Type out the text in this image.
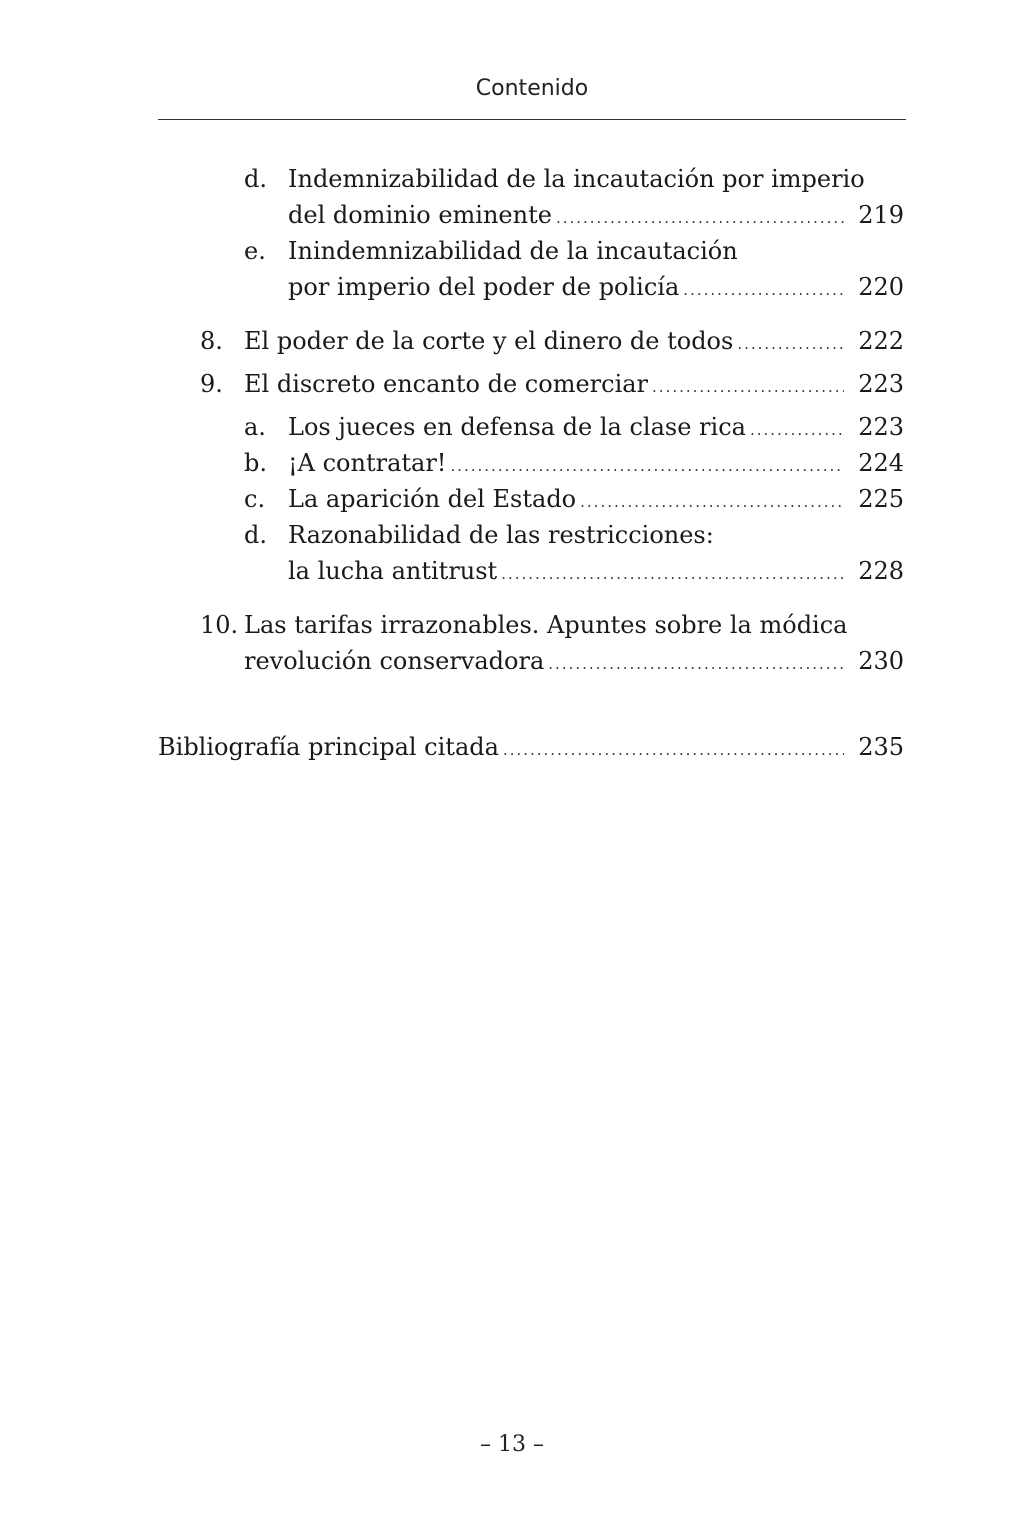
Contenido
d. Indemnizabilidad de la incautación por imperio
del dominio eminente .....	219
e. Inindemnizabilidad de la incautación
por imperio del poder de policía .....	220
8. El poder de la corte y el dinero de todos .....	222
9. El discreto encanto de comerciar .....	223
a. Los jueces en defensa de la clase rica .....	223
b. ¡A contratar! .....	224
c. La aparición del Estado .....	225
d. Razonabilidad de las restricciones:
la lucha antitrust .....	228
10. Las tarifas irrazonables. Apuntes sobre la módica
revolución conservadora .....	230
Bibliografía principal citada .....	235
– 13 –
